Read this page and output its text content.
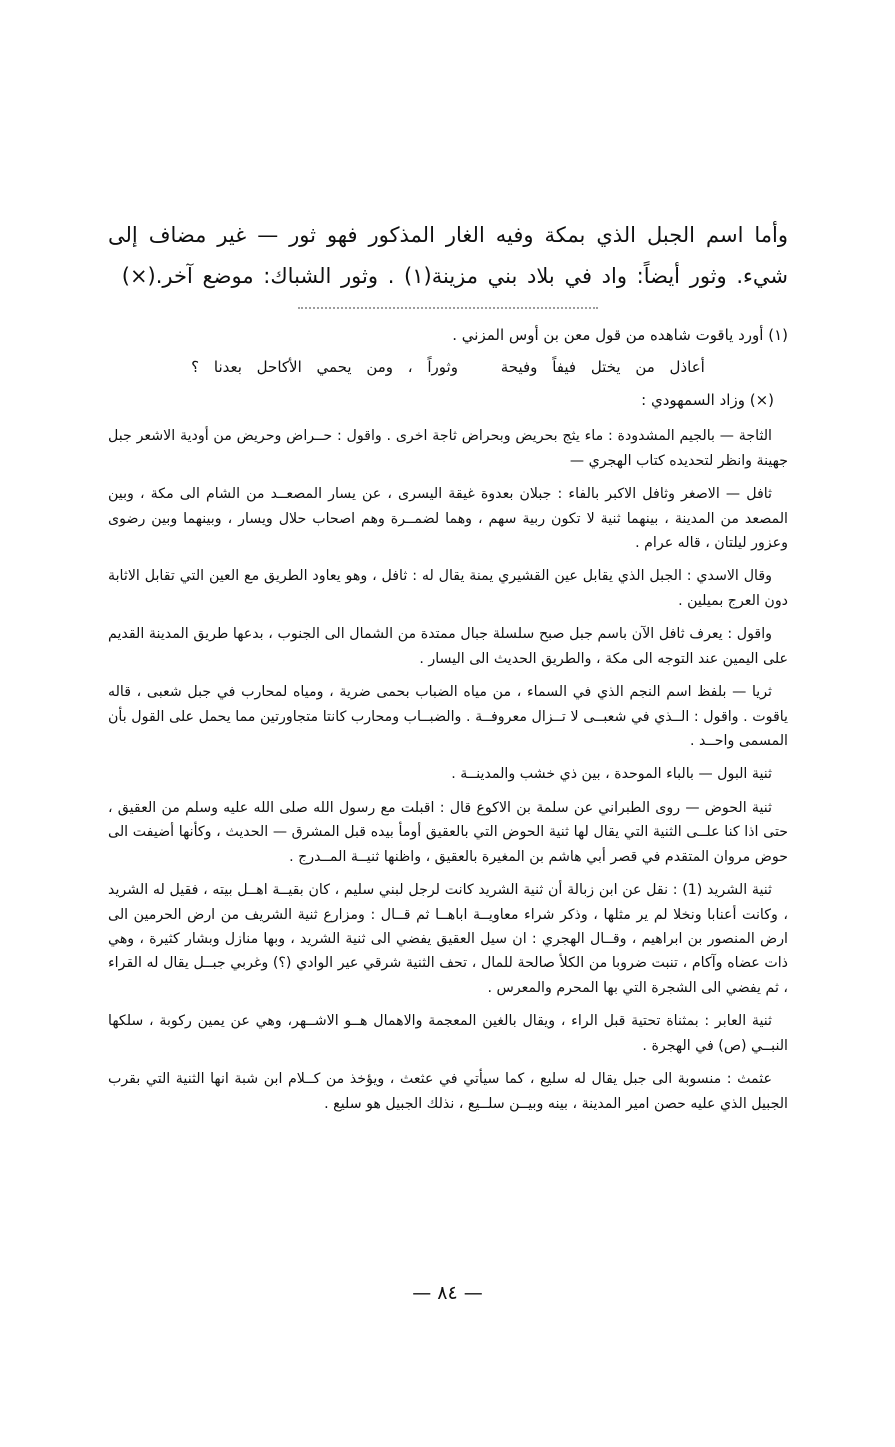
وأما اسم الجبل الذي بمكة وفيه الغار المذكور فهو ثور — غير مضاف إلى شيء. وثور أيضاً: واد في بلاد بني مزينة(١) . وثور الشباك: موضع آخر.(×)

(١) أورد ياقوت شاهده من قول معن بن أوس المزني .

أعاذل من يختل فيفاً وفيحة وثوراً ، ومن يحمي الأكاحل بعدنا ؟

(×) وزاد السمهودي :

الثاجة — بالجيم المشدودة : ماء يثج بحريض وبحراض ثاجة اخرى . واقول : حــراض وحريض من أودية الاشعر جبل جهينة وانظر لتحديده كتاب الهجري —

ثافل — الاصغر وثافل الاكبر بالفاء : جبلان بعدوة غيقة اليسرى ، عن يسار المصعــد من الشام الى مكة ، وبين المصعد من المدينة ، بينهما ثنية لا تكون ربية سهم ، وهما لضمــرة وهم اصحاب حلال ويسار ، وبينهما وبين رضوى وعزور ليلتان ، قاله عرام .

وقال الاسدي : الجبل الذي يقابل عين القشيري يمنة يقال له : ثافل ، وهو يعاود الطريق مع العين التي تقابل الاثابة دون العرج بميلين .

واقول : يعرف ثافل الآن باسم جبل صبح سلسلة جبال ممتدة من الشمال الى الجنوب ، بدعها طريق المدينة القديم على اليمين عند التوجه الى مكة ، والطريق الحديث الى اليسار .

ثريا — بلفظ اسم النجم الذي في السماء ، من مياه الضباب بحمى ضرية ، ومياه لمحارب في جبل شعبى ، قاله ياقوت . واقول : الــذي في شعبــى لا تــزال معروفــة . والضبــاب ومحارب كانتا متجاورتين مما يحمل على القول بأن المسمى واحــد .

ثنية البول — بالباء الموحدة ، بين ذي خشب والمدينــة .

ثنية الحوض — روى الطبراني عن سلمة بن الاكوع قال : اقبلت مع رسول الله صلى الله عليه وسلم من العقيق ، حتى اذا كنا علــى الثنية التي يقال لها ثنية الحوض التي بالعقيق أومأ بيده قبل المشرق — الحديث ، وكأنها أضيفت الى حوض مروان المتقدم في قصر أبي هاشم بن المغيرة بالعقيق ، واظنها ثنيــة المــدرج .

ثنية الشريد (1) : نقل عن ابن زبالة أن ثنية الشريد كانت لرجل لبني سليم ، كان بقيــة اهــل بيته ، فقيل له الشريد ، وكانت أعنابا ونخلا لم ير مثلها ، وذكر شراء معاويــة اباهــا ثم قــال : ومزارع ثنية الشريف من ارض الحرمين الى ارض المنصور بن ابراهيم ، وقــال الهجري : ان سيل العقيق يفضي الى ثنية الشريد ، وبها منازل وبشار كثيرة ، وهي ذات عضاه وآكام ، تنبت ضروبا من الكلأ صالحة للمال ، تحف الثنية شرقي عير الوادي (؟) وغربي جبــل يقال له القراء ، ثم يفضي الى الشجرة التي بها المحرم والمعرس .

ثنية العابر : بمثناة تحتية قبل الراء ، ويقال بالغين المعجمة والاهمال هــو الاشــهر، وهي عن يمين ركوبة ، سلكها النبــي (ص) في الهجرة .

عثمث : منسوبة الى جبل يقال له سليع ، كما سيأتي في عثعث ، ويؤخذ من كــلام ابن شبة انها الثنية التي بقرب الجبيل الذي عليه حصن امير المدينة ، بينه وبيــن سلــيع ، نذلك الجبيل هو سليع .

— ٨٤ —
